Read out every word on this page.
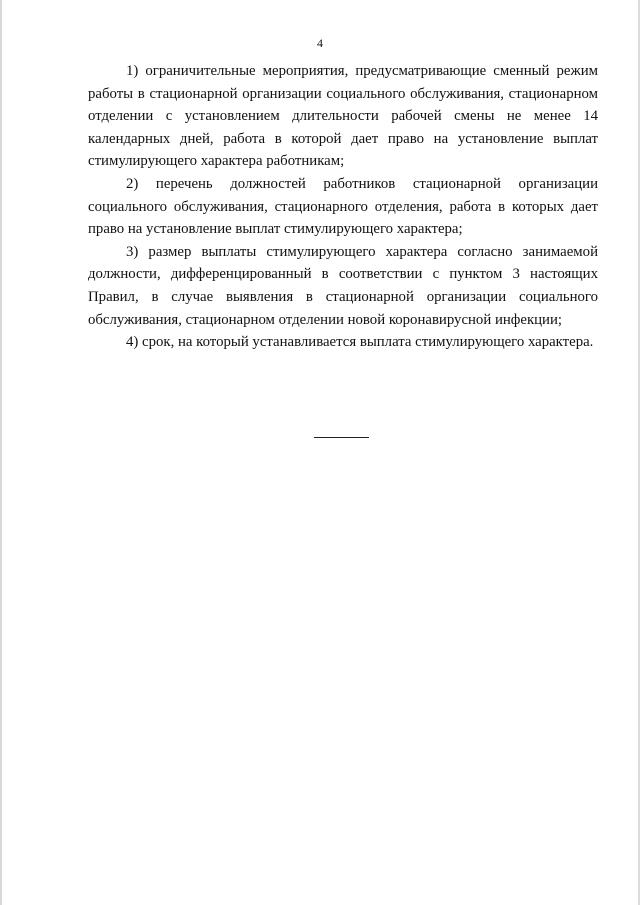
4

1) ограничительные мероприятия, предусматривающие сменный режим работы в стационарной организации социального обслуживания, стационарном отделении с установлением длительности рабочей смены не менее 14 календарных дней, работа в которой дает право на установление выплат стимулирующего характера работникам;

2) перечень должностей работников стационарной организации социального обслуживания, стационарного отделения, работа в которых дает право на установление выплат стимулирующего характера;

3) размер выплаты стимулирующего характера согласно занимаемой должности, дифференцированный в соответствии с пунктом 3 настоящих Правил, в случае выявления в стационарной организации социального обслуживания, стационарном отделении новой коронавирусной инфекции;

4) срок, на который устанавливается выплата стимулирующего характера.
